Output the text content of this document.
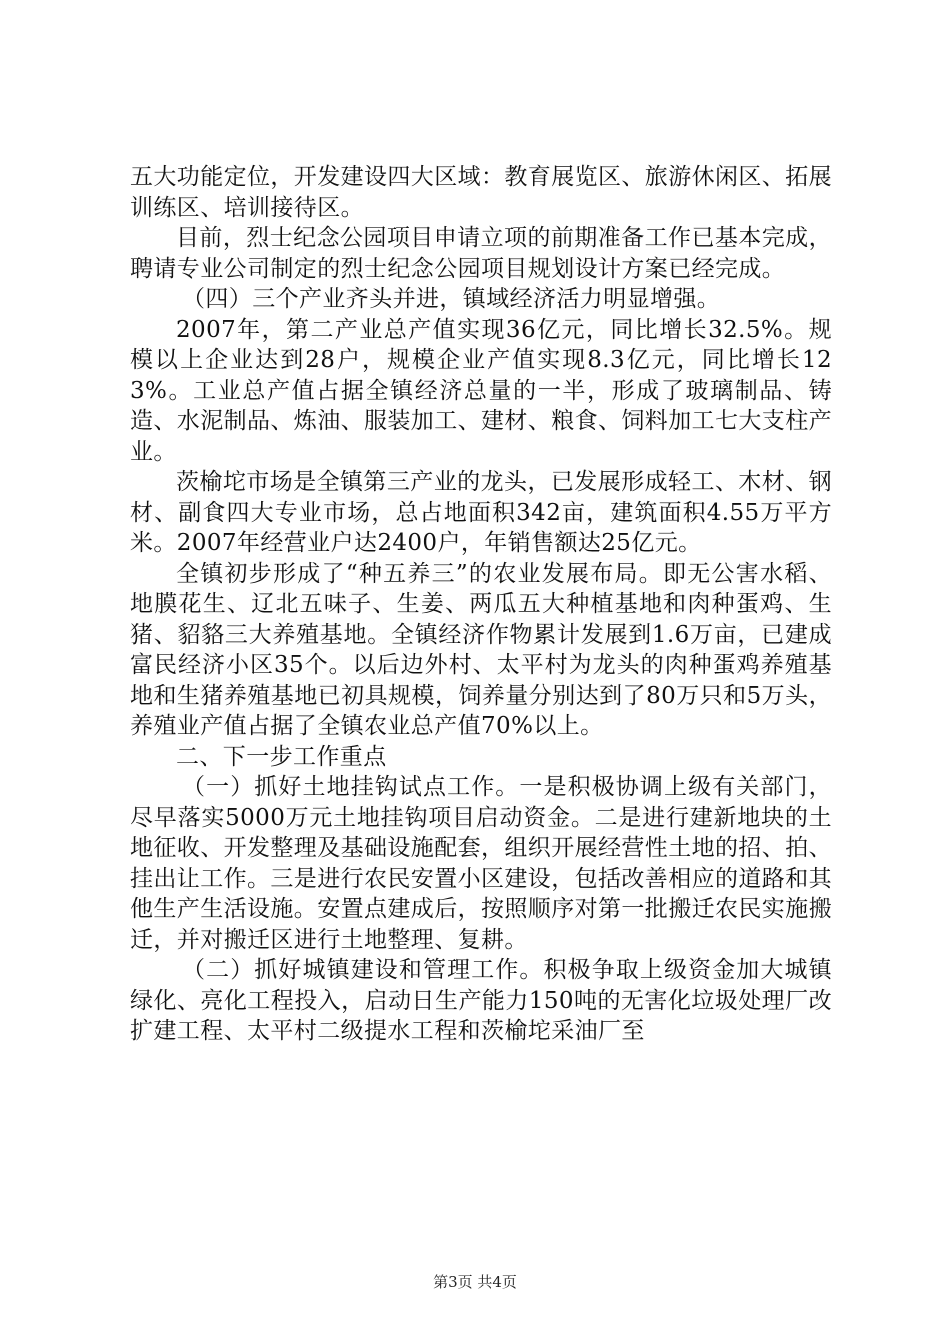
五大功能定位，开发建设四大区域：教育展览区、旅游休闲区、拓展训练区、培训接待区。

目前，烈士纪念公园项目申请立项的前期准备工作已基本完成，聘请专业公司制定的烈士纪念公园项目规划设计方案已经完成。

（四）三个产业齐头并进，镇域经济活力明显增强。

2007年，第二产业总产值实现36亿元，同比增长32.5%。规模以上企业达到28户，规模企业产值实现8.3亿元，同比增长123%。工业总产值占据全镇经济总量的一半，形成了玻璃制品、铸造、水泥制品、炼油、服装加工、建材、粮食、饲料加工七大支柱产业。

茨榆坨市场是全镇第三产业的龙头，已发展形成轻工、木材、钢材、副食四大专业市场，总占地面积342亩，建筑面积4.55万平方米。2007年经营业户达2400户，年销售额达25亿元。

全镇初步形成了“种五养三”的农业发展布局。即无公害水稻、地膜花生、辽北五味子、生姜、两瓜五大种植基地和肉种蛋鸡、生猪、貂貉三大养殖基地。全镇经济作物累计发展到1.6万亩，已建成富民经济小区35个。以后边外村、太平村为龙头的肉种蛋鸡养殖基地和生猪养殖基地已初具规模，饲养量分别达到了80万只和5万头，养殖业产值占据了全镇农业总产值70%以上。

二、下一步工作重点

（一）抓好土地挂钩试点工作。一是积极协调上级有关部门，尽早落实5000万元土地挂钩项目启动资金。二是进行建新地块的土地征收、开发整理及基础设施配套，组织开展经营性土地的招、拍、挂出让工作。三是进行农民安置小区建设，包括改善相应的道路和其他生产生活设施。安置点建成后，按照顺序对第一批搬迁农民实施搬迁，并对搬迁区进行土地整理、复耕。

（二）抓好城镇建设和管理工作。积极争取上级资金加大城镇绿化、亮化工程投入，启动日生产能力150吨的无害化垃圾处理厂改扩建工程、太平村二级提水工程和茨榆坨采油厂至

第3页 共4页
